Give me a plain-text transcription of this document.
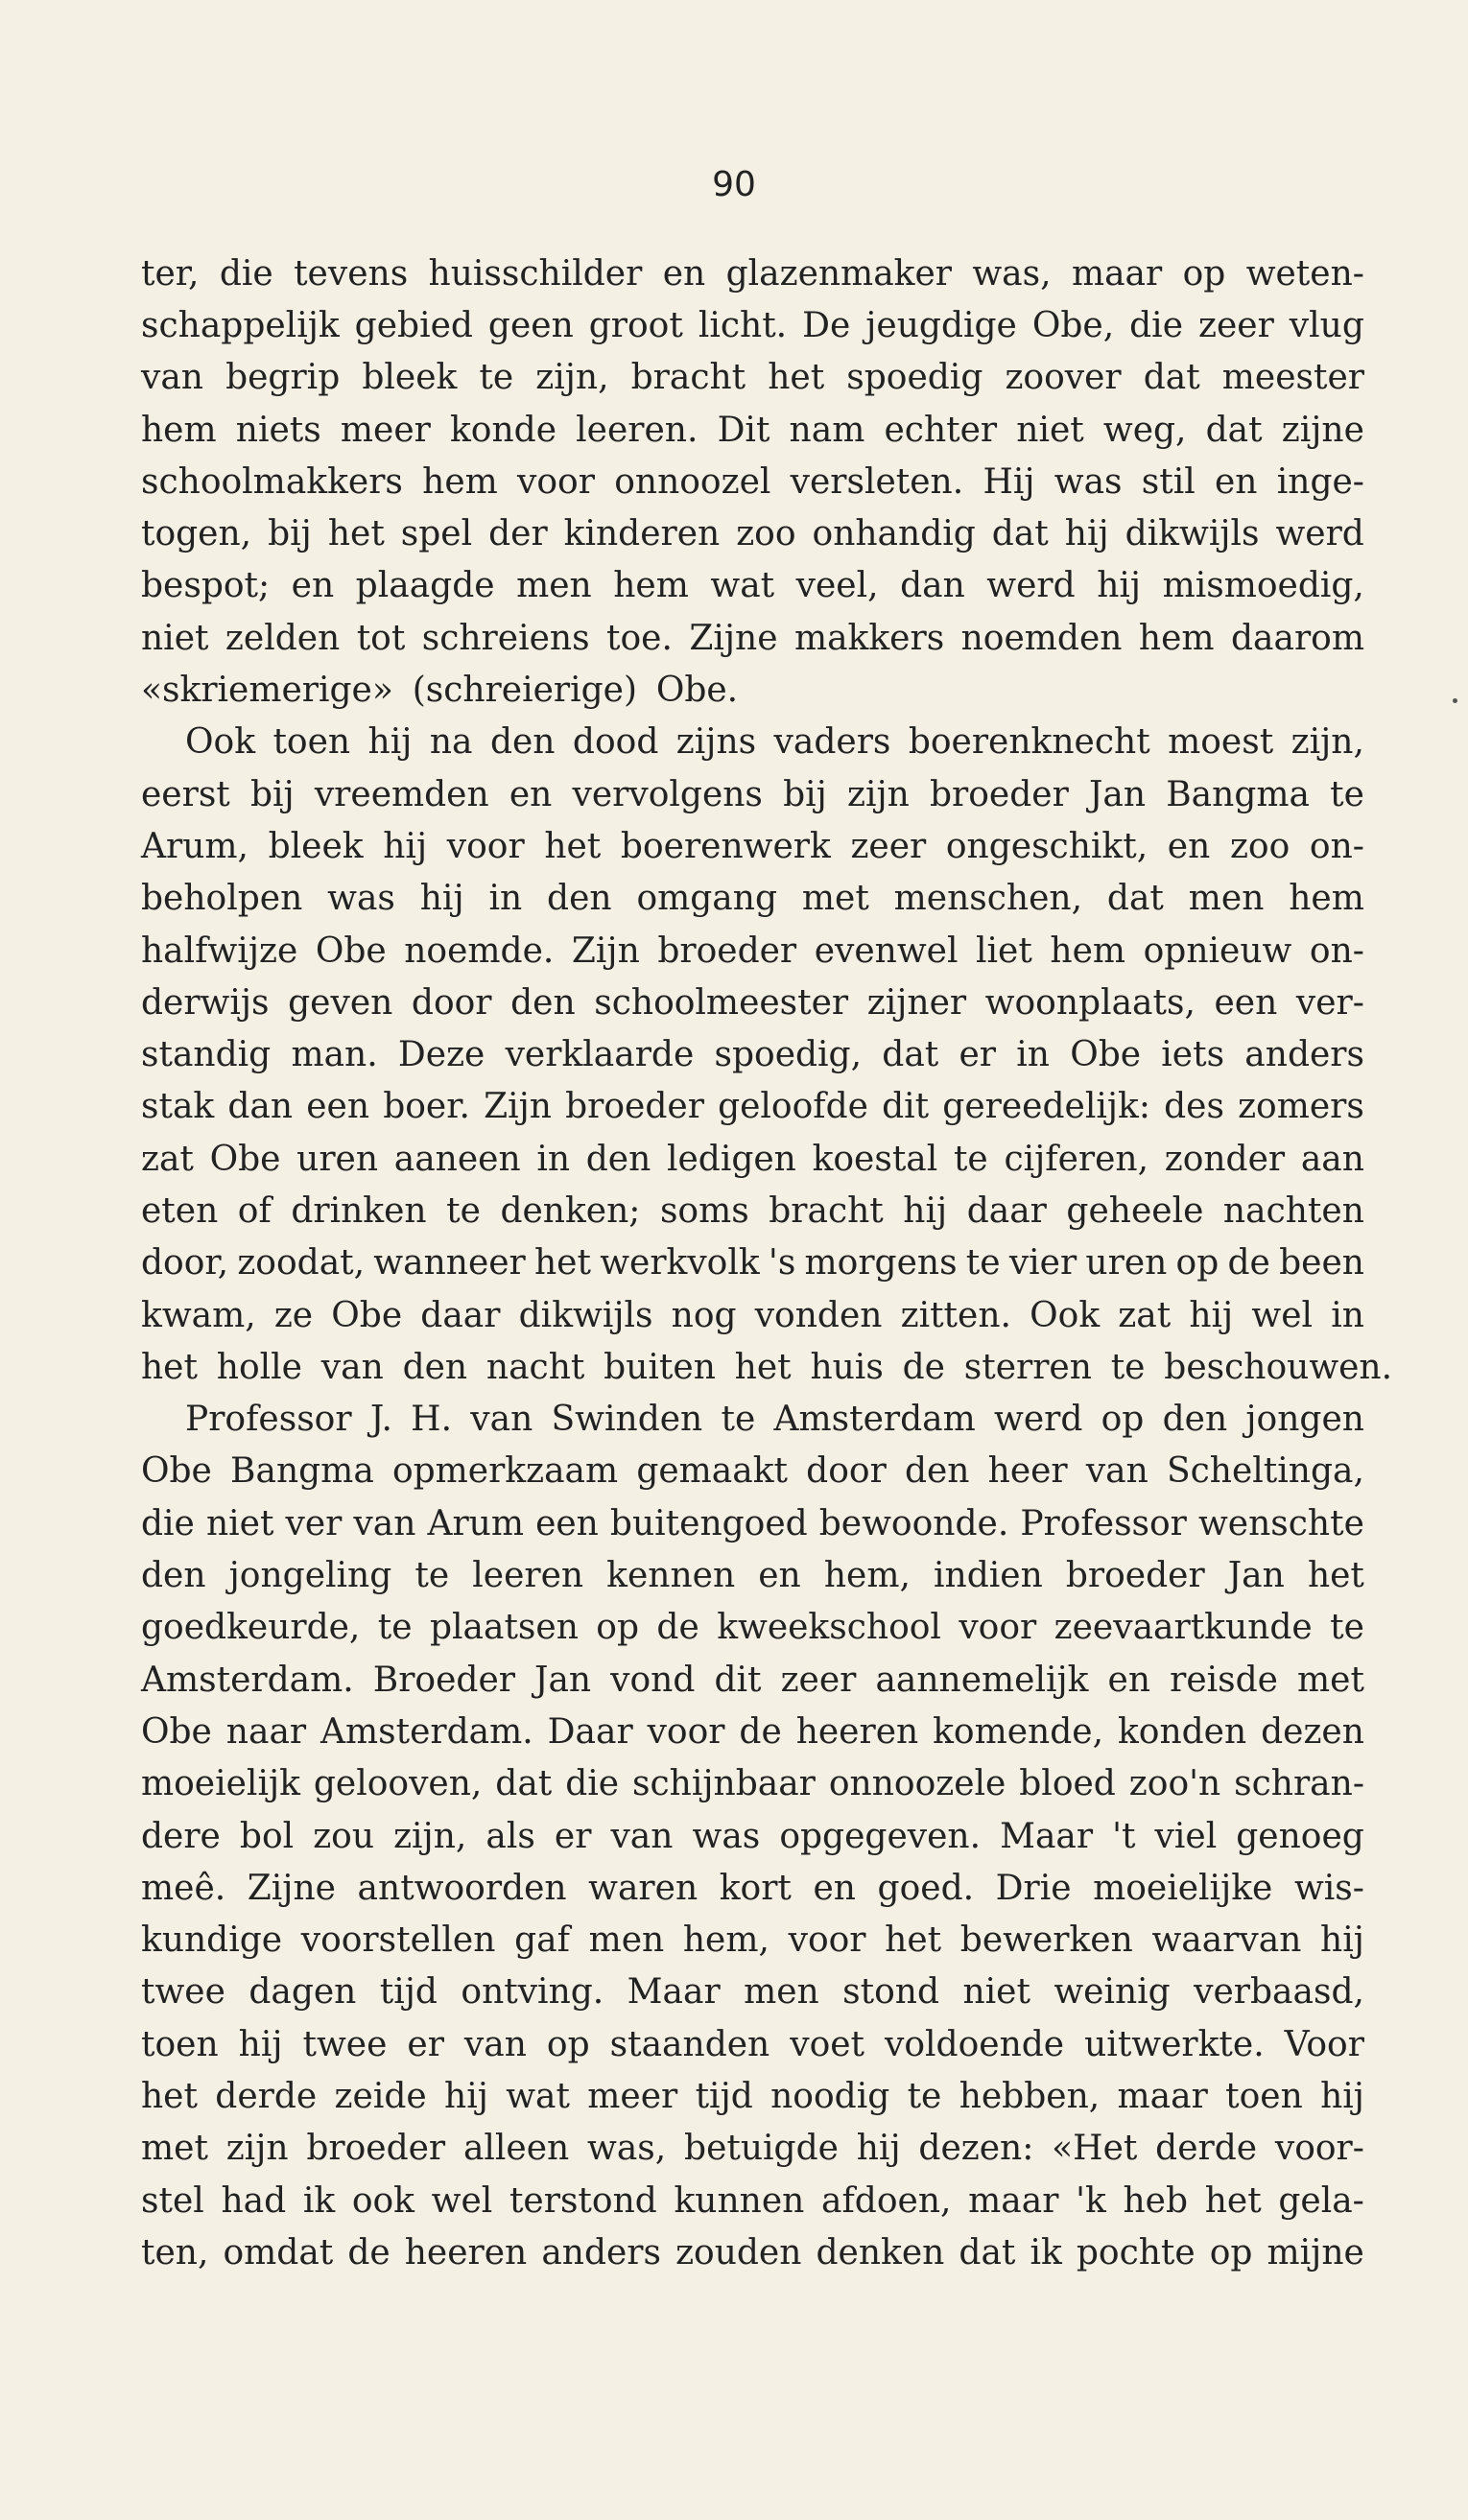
90
ter, die tevens huisschilder en glazenmaker was, maar op weten-
schappelijk gebied geen groot licht. De jeugdige Obe, die zeer vlug
van begrip bleek te zijn, bracht het spoedig zoover dat meester
hem niets meer konde leeren. Dit nam echter niet weg, dat zijne
schoolmakkers hem voor onnoozel versleten. Hij was stil en inge-
togen, bij het spel der kinderen zoo onhandig dat hij dikwijls werd
bespot; en plaagde men hem wat veel, dan werd hij mismoedig,
niet zelden tot schreiens toe. Zijne makkers noemden hem daarom
«skriemerige» (schreierige) Obe.
Ook toen hij na den dood zijns vaders boerenknecht moest zijn,
eerst bij vreemden en vervolgens bij zijn broeder Jan Bangma te
Arum, bleek hij voor het boerenwerk zeer ongeschikt, en zoo on-
beholpen was hij in den omgang met menschen, dat men hem
halfwijze Obe noemde. Zijn broeder evenwel liet hem opnieuw on-
derwijs geven door den schoolmeester zijner woonplaats, een ver-
standig man. Deze verklaarde spoedig, dat er in Obe iets anders
stak dan een boer. Zijn broeder geloofde dit gereedelijk: des zomers
zat Obe uren aaneen in den ledigen koestal te cijferen, zonder aan
eten of drinken te denken; soms bracht hij daar geheele nachten
door, zoodat, wanneer het werkvolk 's morgens te vier uren op de been
kwam, ze Obe daar dikwijls nog vonden zitten. Ook zat hij wel in
het holle van den nacht buiten het huis de sterren te beschouwen.
Professor J. H. van Swinden te Amsterdam werd op den jongen
Obe Bangma opmerkzaam gemaakt door den heer van Scheltinga,
die niet ver van Arum een buitengoed bewoonde. Professor wenschte
den jongeling te leeren kennen en hem, indien broeder Jan het
goedkeurde, te plaatsen op de kweekschool voor zeevaartkunde te
Amsterdam. Broeder Jan vond dit zeer aannemelijk en reisde met
Obe naar Amsterdam. Daar voor de heeren komende, konden dezen
moeielijk gelooven, dat die schijnbaar onnoozele bloed zoo'n schran-
dere bol zou zijn, als er van was opgegeven. Maar 't viel genoeg
meê. Zijne antwoorden waren kort en goed. Drie moeielijke wis-
kundige voorstellen gaf men hem, voor het bewerken waarvan hij
twee dagen tijd ontving. Maar men stond niet weinig verbaasd,
toen hij twee er van op staanden voet voldoende uitwerkte. Voor
het derde zeide hij wat meer tijd noodig te hebben, maar toen hij
met zijn broeder alleen was, betuigde hij dezen: «Het derde voor-
stel had ik ook wel terstond kunnen afdoen, maar 'k heb het gela-
ten, omdat de heeren anders zouden denken dat ik pochte op mijne
